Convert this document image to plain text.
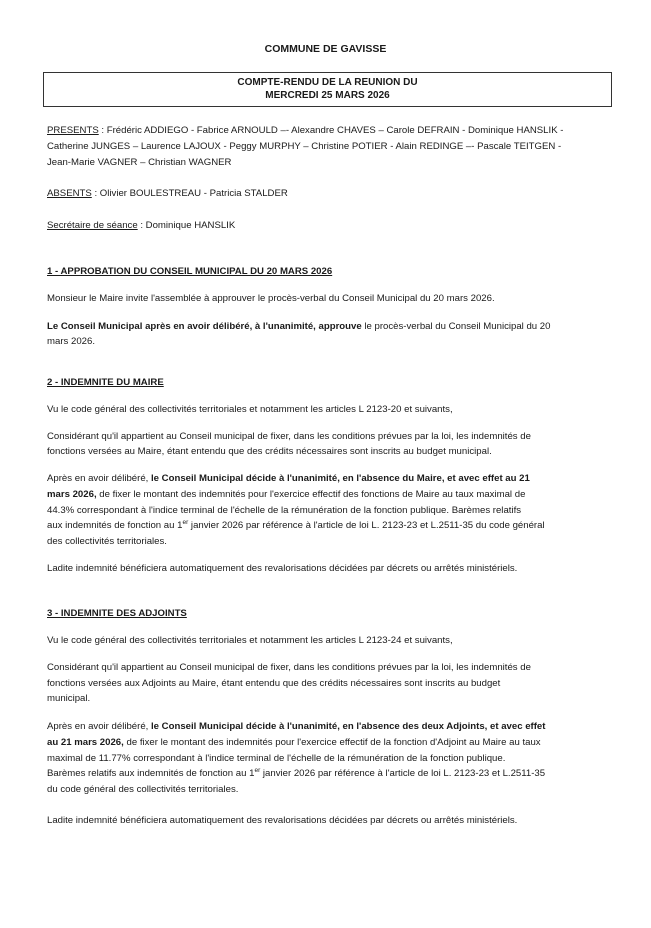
COMMUNE DE GAVISSE
COMPTE-RENDU DE LA REUNION DU
MERCREDI 25 MARS 2026
PRESENTS : Frédéric ADDIEGO - Fabrice ARNOULD –- Alexandre CHAVES – Carole DEFRAIN - Dominique HANSLIK -
Catherine JUNGES – Laurence LAJOUX - Peggy MURPHY – Christine POTIER - Alain REDINGE –- Pascale TEITGEN -
Jean-Marie VAGNER – Christian WAGNER
ABSENTS : Olivier BOULESTREAU - Patricia STALDER
Secrétaire de séance : Dominique HANSLIK
1 - APPROBATION DU CONSEIL MUNICIPAL DU 20 MARS 2026
Monsieur le Maire invite l'assemblée à approuver le procès-verbal du Conseil Municipal du 20 mars 2026.
Le Conseil Municipal après en avoir délibéré, à l'unanimité, approuve le procès-verbal du Conseil Municipal du 20
mars 2026.
2 - INDEMNITE DU MAIRE
Vu le code général des collectivités territoriales et notamment les articles L 2123-20 et suivants,
Considérant qu'il appartient au Conseil municipal de fixer, dans les conditions prévues par la loi, les indemnités de
fonctions versées au Maire, étant entendu que des crédits nécessaires sont inscrits au budget municipal.
Après en avoir délibéré, le Conseil Municipal décide à l'unanimité, en l'absence du Maire, et avec effet au 21
mars 2026, de fixer le montant des indemnités pour l'exercice effectif des fonctions de Maire au taux maximal de
44.3% correspondant à l'indice terminal de l'échelle de la rémunération de la fonction publique. Barèmes relatifs
aux indemnités de fonction au 1er janvier 2026 par référence à l'article de loi L. 2123-23 et L.2511-35 du code général
des collectivités territoriales.
Ladite indemnité bénéficiera automatiquement des revalorisations décidées par décrets ou arrêtés ministériels.
3 - INDEMNITE DES ADJOINTS
Vu le code général des collectivités territoriales et notamment les articles L 2123-24 et suivants,
Considérant qu'il appartient au Conseil municipal de fixer, dans les conditions prévues par la loi, les indemnités de
fonctions versées aux Adjoints au Maire, étant entendu que des crédits nécessaires sont inscrits au budget
municipal.
Après en avoir délibéré, le Conseil Municipal décide à l'unanimité, en l'absence des deux Adjoints, et avec effet
au 21 mars 2026, de fixer le montant des indemnités pour l'exercice effectif de la fonction d'Adjoint au Maire au taux
maximal de 11.77% correspondant à l'indice terminal de l'échelle de la rémunération de la fonction publique.
Barèmes relatifs aux indemnités de fonction au 1er janvier 2026 par référence à l'article de loi L. 2123-23 et L.2511-35
du code général des collectivités territoriales.
Ladite indemnité bénéficiera automatiquement des revalorisations décidées par décrets ou arrêtés ministériels.
